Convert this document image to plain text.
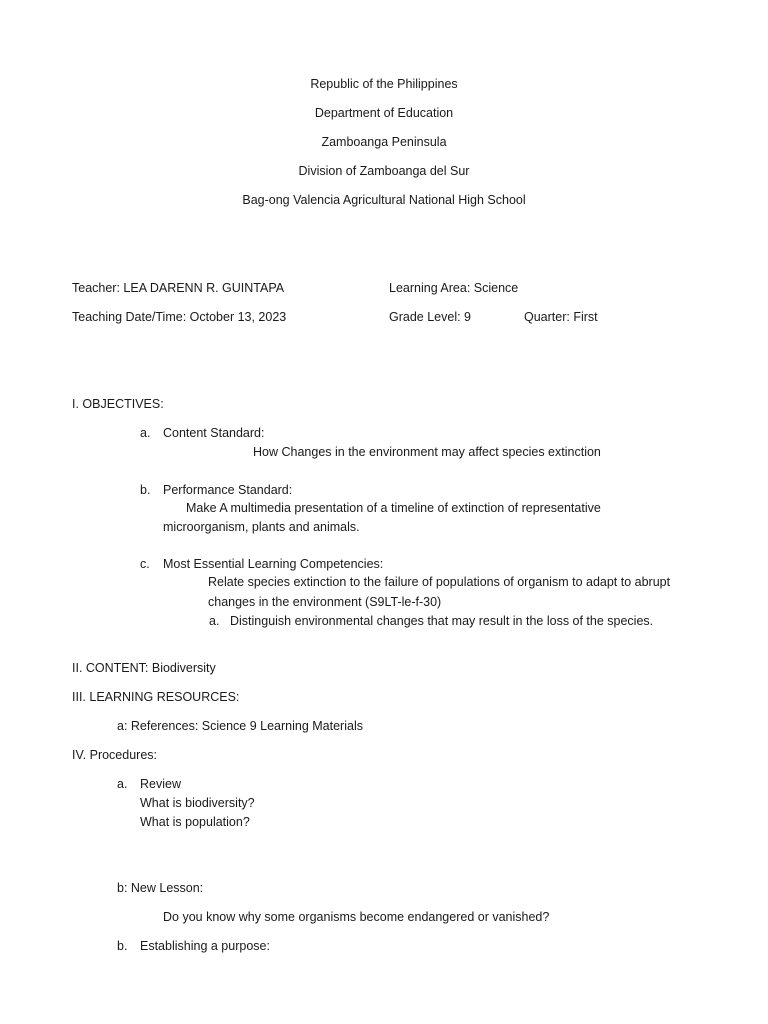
Republic of the Philippines
Department of Education
Zamboanga Peninsula
Division of Zamboanga del Sur
Bag-ong Valencia Agricultural National High School
Teacher: LEA DARENN R. GUINTAPA	Learning Area: Science
Teaching Date/Time: October 13, 2023	Grade Level: 9	Quarter: First
I. OBJECTIVES:
a. Content Standard:
How Changes in the environment may affect species extinction
b. Performance Standard:
Make A multimedia presentation of a timeline of extinction of representative
microorganism, plants and animals.
c. Most Essential Learning Competencies:
Relate species extinction to the failure of populations of organism to adapt to abrupt
changes in the environment (S9LT-le-f-30)
a. Distinguish environmental changes that may result in the loss of the species.
II. CONTENT: Biodiversity
III. LEARNING RESOURCES:
a: References: Science 9 Learning Materials
IV. Procedures:
a. Review
What is biodiversity?
What is population?
b: New Lesson:
Do you know why some organisms become endangered or vanished?
b. Establishing a purpose:
